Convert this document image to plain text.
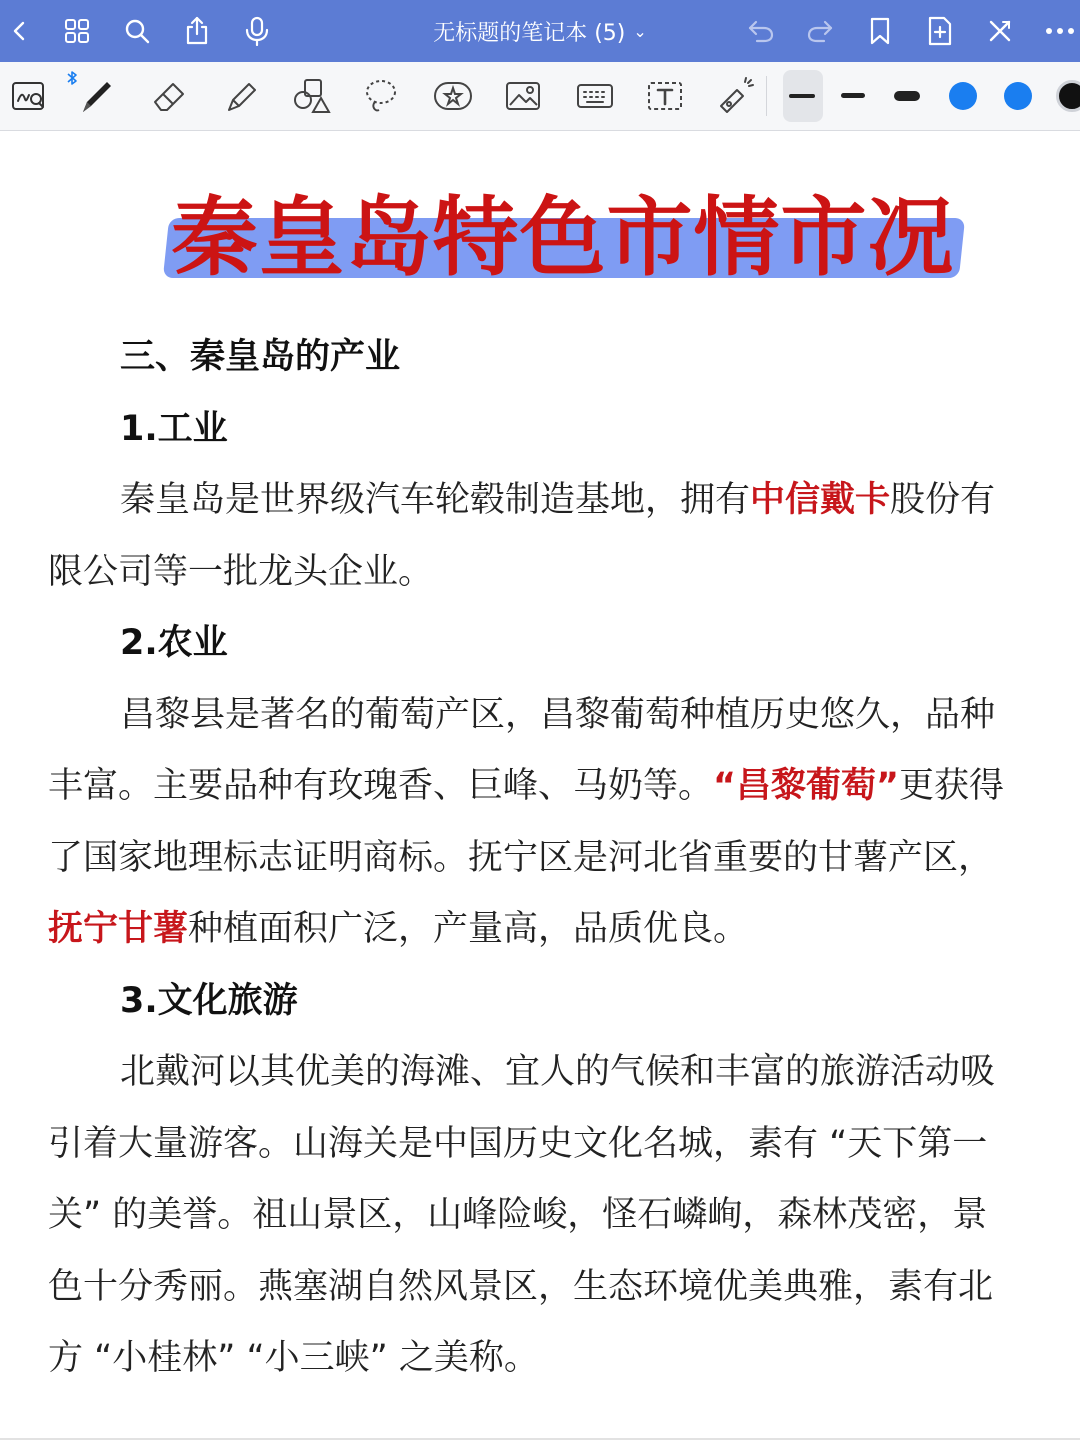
无标题的笔记本 (5) ⌄
秦皇岛特色市情市况
三、秦皇岛的产业
1.工业

秦皇岛是世界级汽车轮毂制造基地，拥有中信戴卡股份有限公司等一批龙头企业。

2.农业

昌黎县是著名的葡萄产区，昌黎葡萄种植历史悠久，品种丰富。主要品种有玫瑰香、巨峰、马奶等。“昌黎葡萄”更获得了国家地理标志证明商标。抚宁区是河北省重要的甘薯产区，抚宁甘薯种植面积广泛，产量高，品质优良。

3.文化旅游

北戴河以其优美的海滩、宜人的气候和丰富的旅游活动吸引着大量游客。山海关是中国历史文化名城，素有 “天下第一关” 的美誉。祖山景区，山峰险峻，怪石嶙峋，森林茂密，景色十分秀丽。燕塞湖自然风景区，生态环境优美典雅，素有北方 “小桂林” “小三峡” 之美称。
